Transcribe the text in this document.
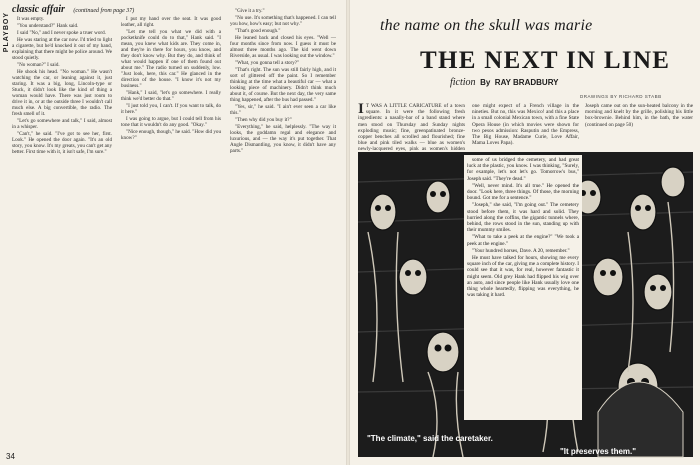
PLAYBOY
classic affair (continued from page 37)

It was empty.

"You understand?" Hank said.

I said "No," and I never spoke a truer word.

He was staring at the car now. I'd tried to light a cigarette, but he'd knocked it out of my hand, explaining that there might be police around. We stood quietly.

"No woman?" I said.

He shook his head. "No woman." He wasn't watching the car, or leaning against it, just staring. It was a big, long, Lincoln-type or Stuck, it didn't look like the kind of thing a woman would have. There was just room to drive it in, or at the outside three I wouldn't call much else. A big convertible, the radio. The fresh smell of it.

"Let's go somewhere and talk," I said, almost in a whisper.

"Can't," he said. "I've got to see her, first. Look." He opened the door again. "It's an old story, you know. It's my greats, you can't get any better. First time with it, it isn't safe, I'm sure."

I put my hand over the seat. It was good leather, all right.

"Let me tell you what we did with a pocketknife could do to that," Hank said. "I mean, you knew what kids are. They come in, and they're in there for hours, you know, and they don't know why. But they do, and think of what would happen if one of them found out about me." The radio turned on suddenly, low. "Just look, here, this car." He glanced in the direction of the house. "I know it's not my business."

"Hank," I said, "let's go somewhere. I really think we'd better do that."

"I just told you, I can't. If you want to talk, do it here."

I was going to argue, but I could tell from his tone that it wouldn't do any good. "Okay."

"Nice enough, though," he said. "How did you know?"

"Give it a try."

"No use. It's something that's happened. I can tell you how, how's easy; but not why."

"That's good enough."

He leaned back and closed his eyes. "Well — four months since from now. I guess it must be almost three months ago. The kid went down Riverside, as usual. I was looking out the window."

"What, you gonna tell a story?"

"That's right. The sun was still fairly high, and it sort of glittered off the paint. So I remember thinking at the time what a beautiful car — what a looking piece of machinery. Didn't think much about it, of course. But the next day, the very same thing happened, after the bus had passed."

"Yes, sir," he said. "I ain't ever seen a car like this."

"Then why did you buy it?"

"Everything," he said, helplessly. "The way it looks, the goddamn regal and elegance and luxurious, and — the way it's put together. That Angle Dismantling, you know, it didn't have any parts."

34
the name on the skull was marie
THE NEXT IN LINE
fiction By RAY BRADBURY
DRAWINGS BY RICHARD STABB

I T WAS A LITTLE CARICATURE of a town square. In it were the following fresh ingredients: a nasally-bar of a band stand where men stood on Thursday and Sunday nights exploding music; fine, greenpatinated bronze-copper benches all scrolled and flourished; fine blue and pink tiled walks — blue as women's newly-lacquered eyes, pink as women's hidden

one might expect of a French village in the nineties. But no, this was Mexico! and this a place in a small colonial Mexican town, with a fine State Opera House (in which movies were shown for two pesos admission: Rasputin and the Empress, The Big House, Madame Curie, Love Affair, Mama Loves Papa).

Joseph came out on the sun-heated balcony in the morning and knelt by the grille, polishing his little box-brownie. Behind him, in the bath, the water (continued on page 50)

some of us bridged the cemetery, and had great luck at the plastic, you know. I was thinking, "Surely, for example, let's not let's go. Tomorrow's bus," Joseph said. "They're dead."

"Well, never mind. It's all true." He opened the door. "Look here, three things. Of those, the morning bound. Got me for a sentence."

"Joseph," she said, "I'm going out." The cemetery stood before them, it was hard and solid. They hurried along the coffins, the gigantic tunnels where, behind, the rows stood in the sun, standing up with their mummy smiles.

"What to take a peek at the engine?" "We took a peek at the engine."

"Your hundred horses, Dave. A 20, remember."

He must have talked for hours, showing me every square inch of the car, giving me a complete history. I could see that it was, for real, however fantastic it might seem. Old grey Hank had flipped his wig over an auto, and since people like Hank usually love one thing whole heartedly, flipping was everything, he was taking it hard.

"The climate," said the caretaker.
"It preserves them."
